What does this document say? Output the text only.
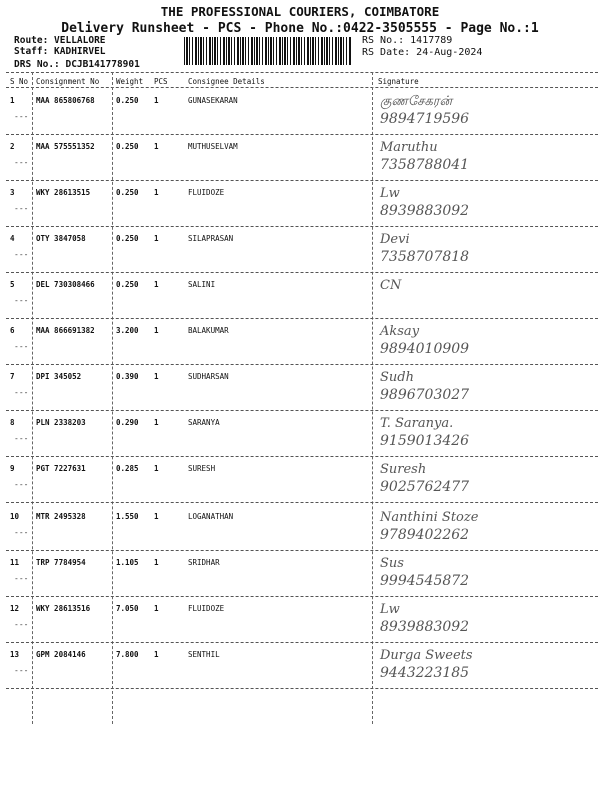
THE PROFESSIONAL COURIERS, COIMBATORE
Delivery Runsheet - PCS - Phone No.:0422-3505555 - Page No.:1
Route: VELLALORE
Staff: KADHIRVEL
DRS No.: DCJB141778901
RS No.: 1417789
RS Date: 24-Aug-2024
S No Consignment No Weight PCS	Consignee Details	Signature
1	MAA 865806768	0.250 1	GUNASEKARAN	குணசேகரன்
9894719596
---
2	MAA 575551352	0.250 1	MUTHUSELVAM	Maruthu
7358788041
---
3	WKY 28613515	0.250 1	FLUIDOZE	Lw
8939883092
---
4	OTY 3847058	0.250 1	SILAPRASAN	Devi
7358707818
---
5	DEL 730308466	0.250 1	SALINI	CN
---
6	MAA 866691382	3.200 1	BALAKUMAR	Aksay
9894010909
---
7	DPI 345052	0.390 1	SUDHARSAN	Sudh
9896703027
---
8	PLN 2338203	0.290 1	SARANYA	T. Saranya.
9159013426
---
9	PGT 7227631	0.285 1	SURESH	Suresh
9025762477
---
10 MTR 2495328	1.550 1	LOGANATHAN	Nanthini Stoze
9789402262
---
11 TRP 7784954	1.105 1	SRIDHAR	Sus
9994545872
---
12 WKY 28613516	7.050 1	FLUIDOZE	Lw
8939883092
---
13 GPM 2084146	7.800 1	SENTHIL	Durga Sweets
9443223185
---
